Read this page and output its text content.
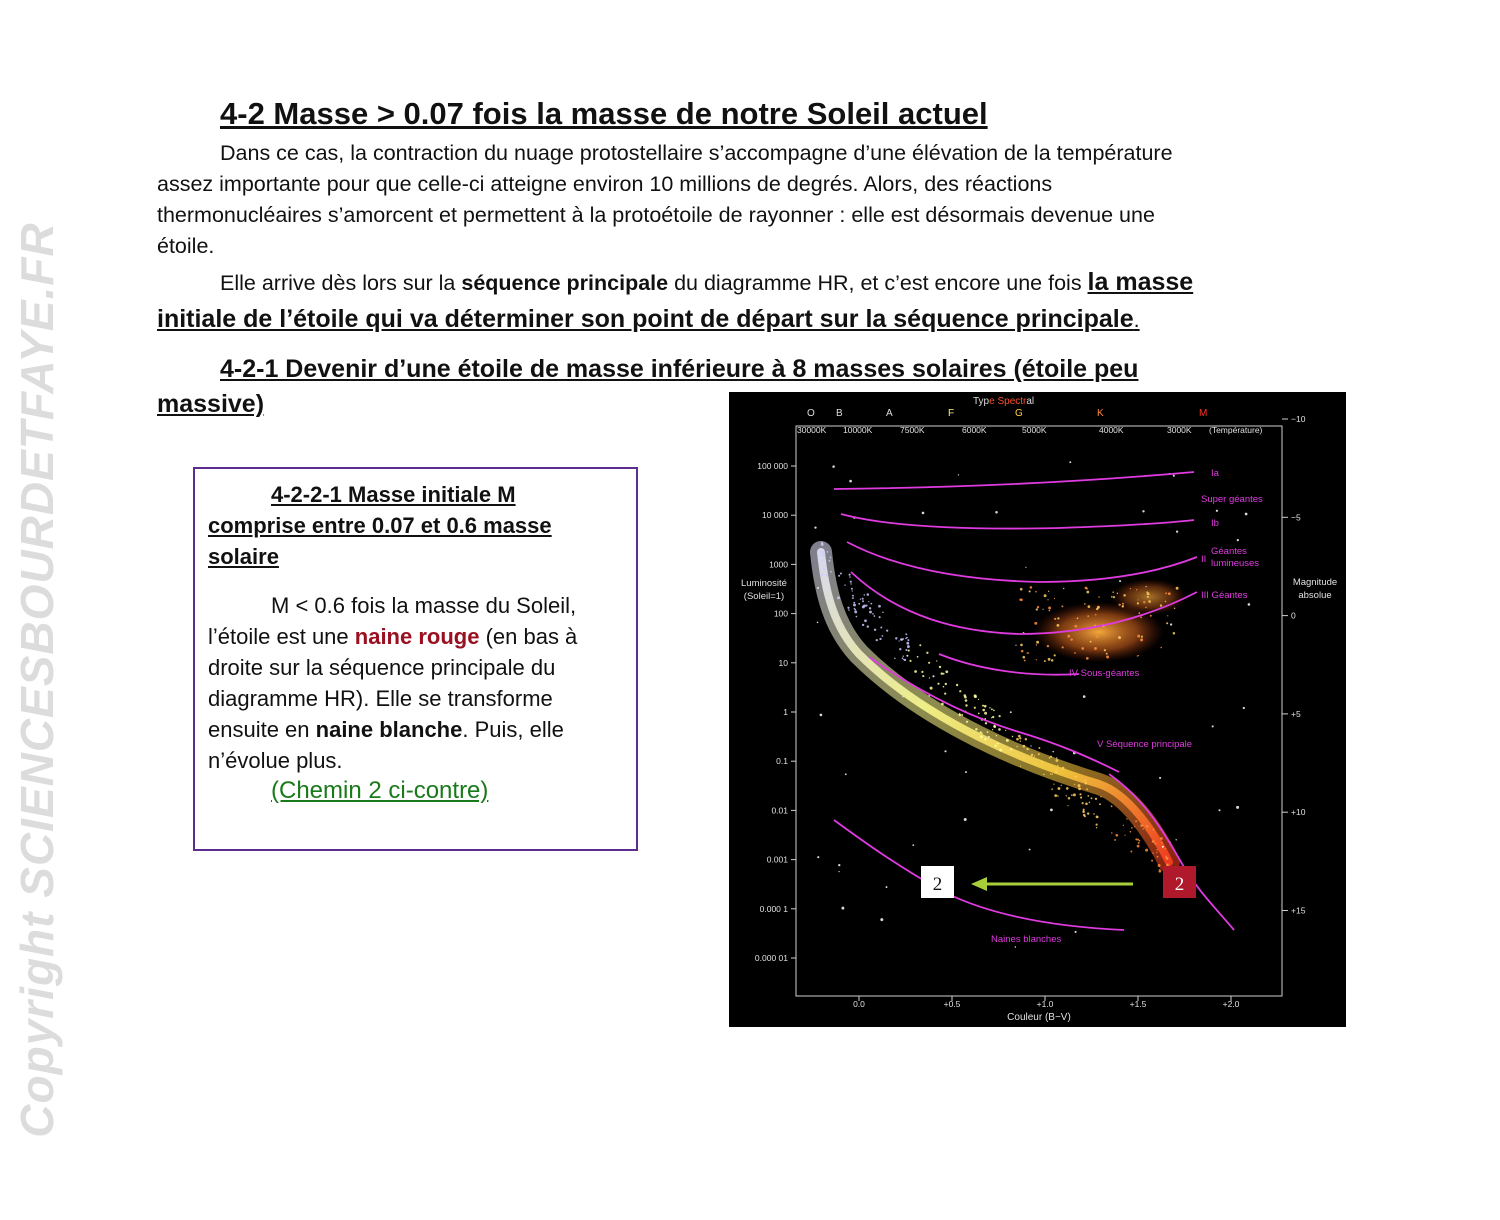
Copyright SCIENCESBOURDETFAYE.FR
4-2 Masse > 0.07 fois la masse de notre Soleil actuel

Dans ce cas, la contraction du nuage protostellaire s’accompagne d’une élévation de la température
assez importante pour que celle-ci atteigne environ 10 millions de degrés. Alors, des réactions
thermonucléaires s’amorcent et permettent à la protoétoile de rayonner : elle est désormais devenue une
étoile.

Elle arrive dès lors sur la séquence principale du diagramme HR, et c’est encore une fois la masse
initiale de l’étoile qui va déterminer son point de départ sur la séquence principale.

4-2-1 Devenir d’une étoile de masse inférieure à 8 masses solaires (étoile peu
massive)

4-2-2-1 Masse initiale M
comprise entre 0.07 et 0.6 masse
solaire

M < 0.6 fois la masse du Soleil,
l’étoile est une naine rouge (en bas à
droite sur la séquence principale du
diagramme HR). Elle se transforme
ensuite en naine blanche. Puis, elle
n’évolue plus.

(Chemin 2 ci-contre)
Type Spectral
O B	A	F	G	K	M
30000K 10000K	7500K	6000K	5000K	4000K	3000K (Température)
Luminosité
(Soleil=1)
100 000
10 000
1000
100
10
1
0.1
0.01
0.001
0.000 1
0.000 01
Magnitude
absolue
−10
−5
0
+5
+10
+15
0.0	+0.5	+1.0	+1.5	+2.0
Couleur (B−V)
Ia
Super géantes
Ib
II
Géantes
lumineuses
III Géantes
IV Sous-géantes
V Séquence principale
Naines blanches
2	2
